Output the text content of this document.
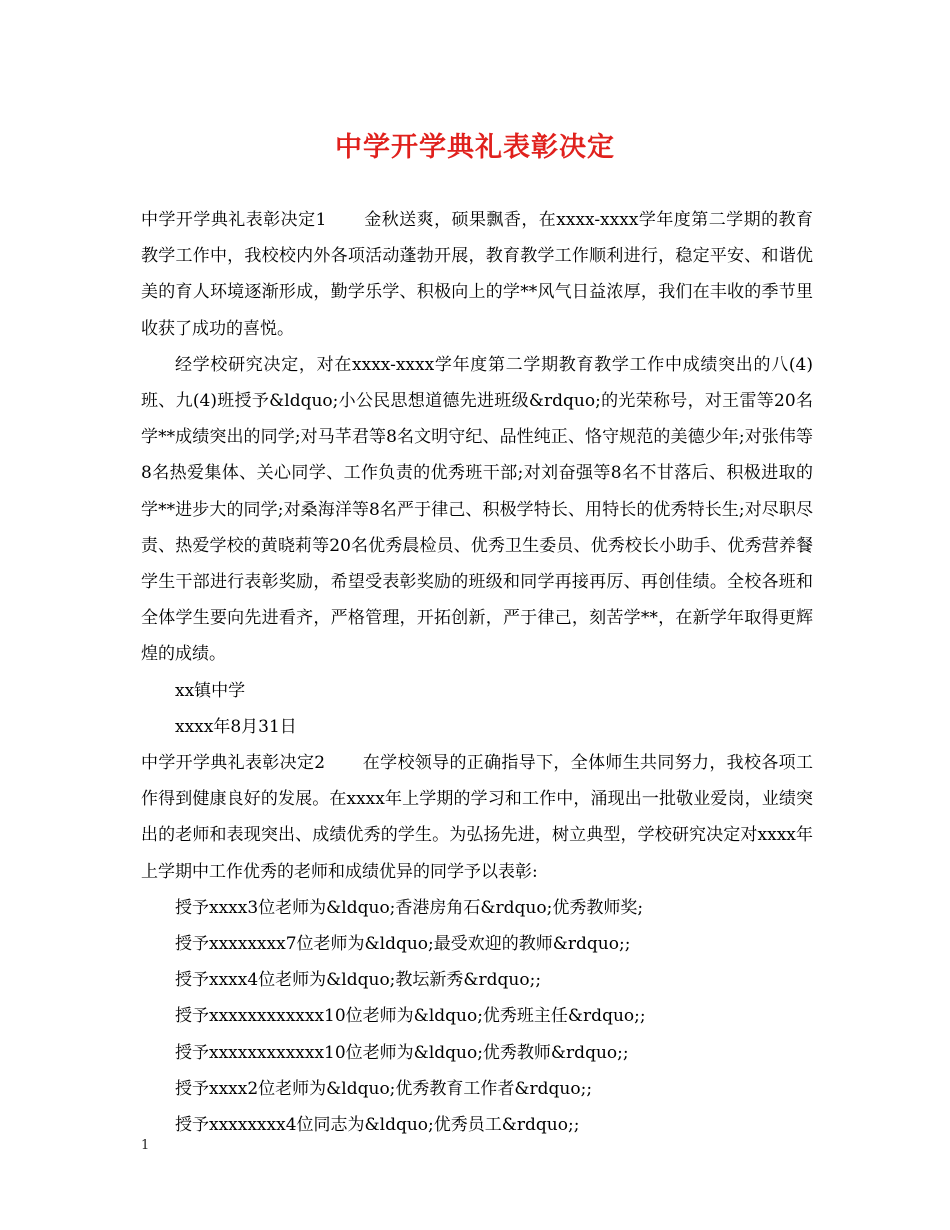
中学开学典礼表彰决定

中学开学典礼表彰决定1 金秋送爽，硕果飘香，在xxxx-xxxx学年度第二学期的教育教学工作中，我校校内外各项活动蓬勃开展，教育教学工作顺利进行，稳定平安、和谐优美的育人环境逐渐形成，勤学乐学、积极向上的学**风气日益浓厚，我们在丰收的季节里收获了成功的喜悦。

经学校研究决定，对在xxxx-xxxx学年度第二学期教育教学工作中成绩突出的八(4)班、九(4)班授予&ldquo;小公民思想道德先进班级&rdquo;的光荣称号，对王雷等20名学**成绩突出的同学;对马芊君等8名文明守纪、品性纯正、恪守规范的美德少年;对张伟等8名热爱集体、关心同学、工作负责的优秀班干部;对刘奋强等8名不甘落后、积极进取的学**进步大的同学;对桑海洋等8名严于律己、积极学特长、用特长的优秀特长生;对尽职尽责、热爱学校的黄晓莉等20名优秀晨检员、优秀卫生委员、优秀校长小助手、优秀营养餐学生干部进行表彰奖励，希望受表彰奖励的班级和同学再接再厉、再创佳绩。全校各班和全体学生要向先进看齐，严格管理，开拓创新，严于律己，刻苦学**，在新学年取得更辉煌的成绩。

xx镇中学

xxxx年8月31日

中学开学典礼表彰决定2 在学校领导的正确指导下，全体师生共同努力，我校各项工作得到健康良好的发展。在xxxx年上学期的学习和工作中，涌现出一批敬业爱岗，业绩突出的老师和表现突出、成绩优秀的学生。为弘扬先进，树立典型，学校研究决定对xxxx年上学期中工作优秀的老师和成绩优异的同学予以表彰:

授予xxxx3位老师为&ldquo;香港房角石&rdquo;优秀教师奖;

授予xxxxxxxx7位老师为&ldquo;最受欢迎的教师&rdquo;;

授予xxxx4位老师为&ldquo;教坛新秀&rdquo;;

授予xxxxxxxxxxxx10位老师为&ldquo;优秀班主任&rdquo;;

授予xxxxxxxxxxxx10位老师为&ldquo;优秀教师&rdquo;;

授予xxxx2位老师为&ldquo;优秀教育工作者&rdquo;;

授予xxxxxxxx4位同志为&ldquo;优秀员工&rdquo;;

1
